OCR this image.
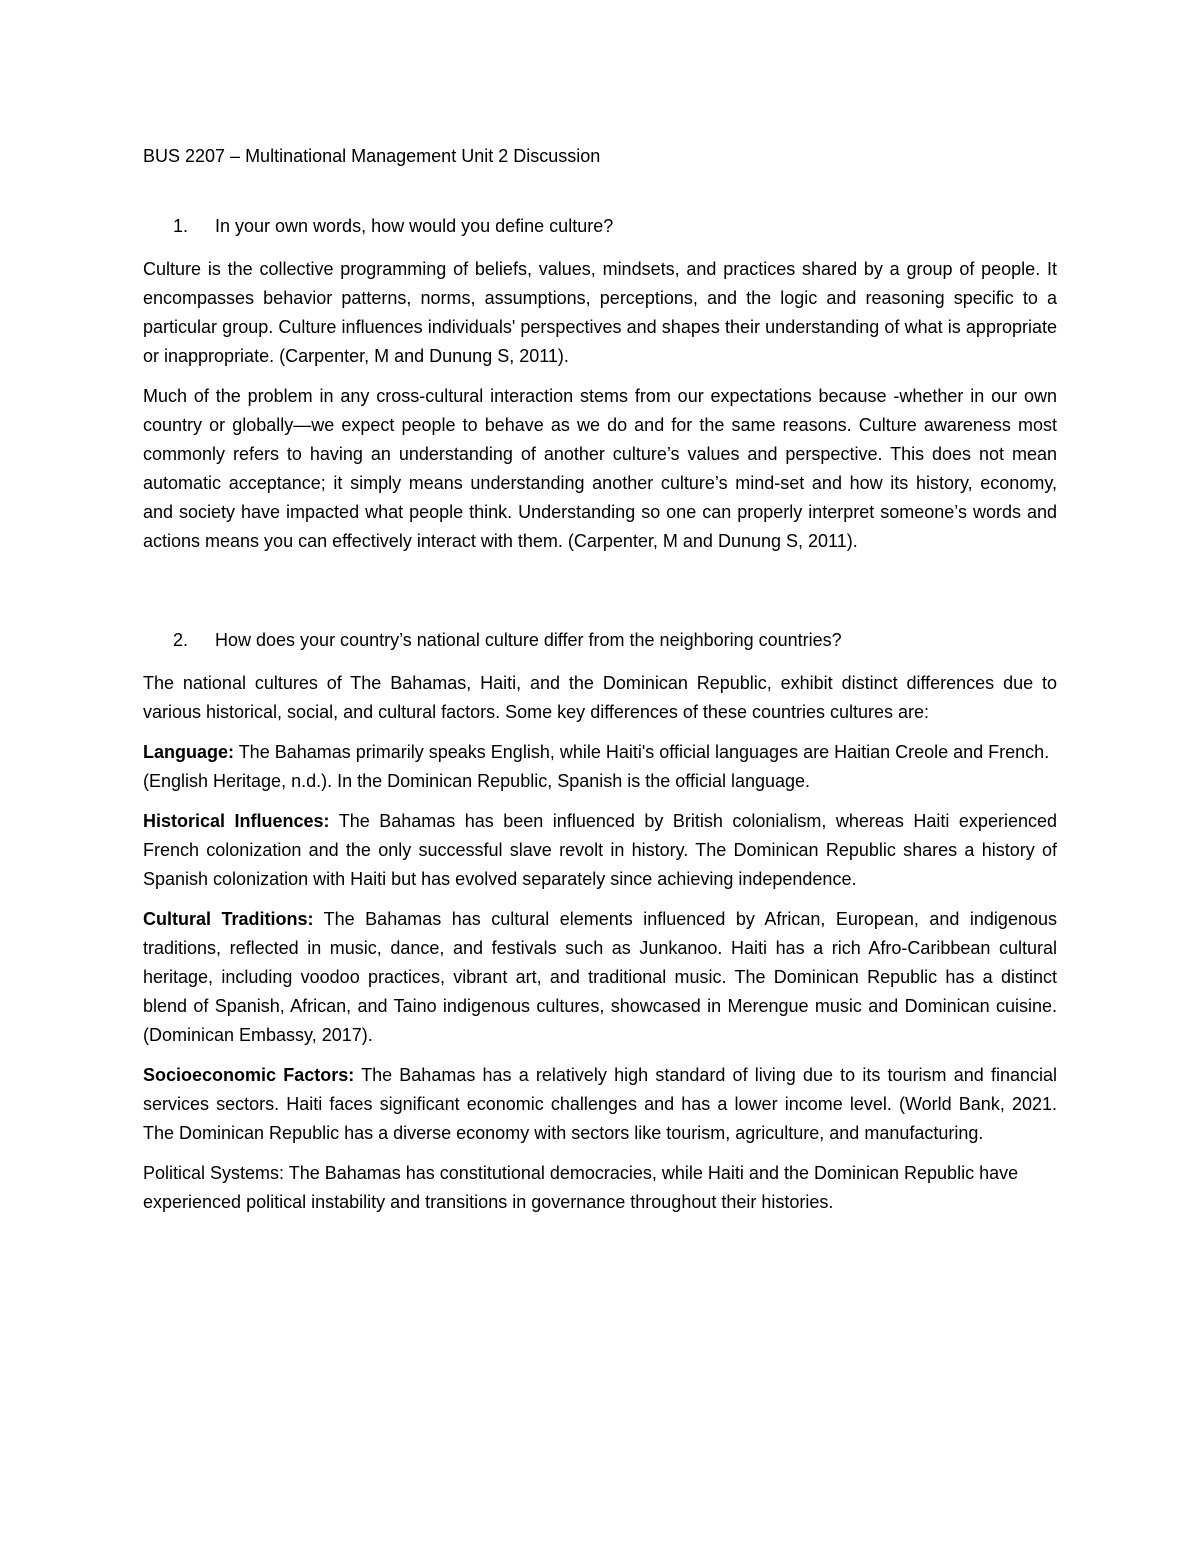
BUS 2207 – Multinational Management Unit 2 Discussion

1. In your own words, how would you define culture?

Culture is the collective programming of beliefs, values, mindsets, and practices shared by a group of people. It encompasses behavior patterns, norms, assumptions, perceptions, and the logic and reasoning specific to a particular group. Culture influences individuals' perspectives and shapes their understanding of what is appropriate or inappropriate. (Carpenter, M and Dunung S, 2011).

Much of the problem in any cross-cultural interaction stems from our expectations because -whether in our own country or globally—we expect people to behave as we do and for the same reasons. Culture awareness most commonly refers to having an understanding of another culture’s values and perspective. This does not mean automatic acceptance; it simply means understanding another culture’s mind-set and how its history, economy, and society have impacted what people think. Understanding so one can properly interpret someone’s words and actions means you can effectively interact with them. (Carpenter, M and Dunung S, 2011).

2. How does your country’s national culture differ from the neighboring countries?

The national cultures of The Bahamas, Haiti, and the Dominican Republic, exhibit distinct differences due to various historical, social, and cultural factors. Some key differences of these countries cultures are:

Language: The Bahamas primarily speaks English, while Haiti's official languages are Haitian Creole and French. (English Heritage, n.d.). In the Dominican Republic, Spanish is the official language.

Historical Influences: The Bahamas has been influenced by British colonialism, whereas Haiti experienced French colonization and the only successful slave revolt in history. The Dominican Republic shares a history of Spanish colonization with Haiti but has evolved separately since achieving independence.

Cultural Traditions: The Bahamas has cultural elements influenced by African, European, and indigenous traditions, reflected in music, dance, and festivals such as Junkanoo. Haiti has a rich Afro-Caribbean cultural heritage, including voodoo practices, vibrant art, and traditional music. The Dominican Republic has a distinct blend of Spanish, African, and Taino indigenous cultures, showcased in Merengue music and Dominican cuisine. (Dominican Embassy, 2017).

Socioeconomic Factors: The Bahamas has a relatively high standard of living due to its tourism and financial services sectors. Haiti faces significant economic challenges and has a lower income level. (World Bank, 2021. The Dominican Republic has a diverse economy with sectors like tourism, agriculture, and manufacturing.

Political Systems: The Bahamas has constitutional democracies, while Haiti and the Dominican Republic have experienced political instability and transitions in governance throughout their histories.
